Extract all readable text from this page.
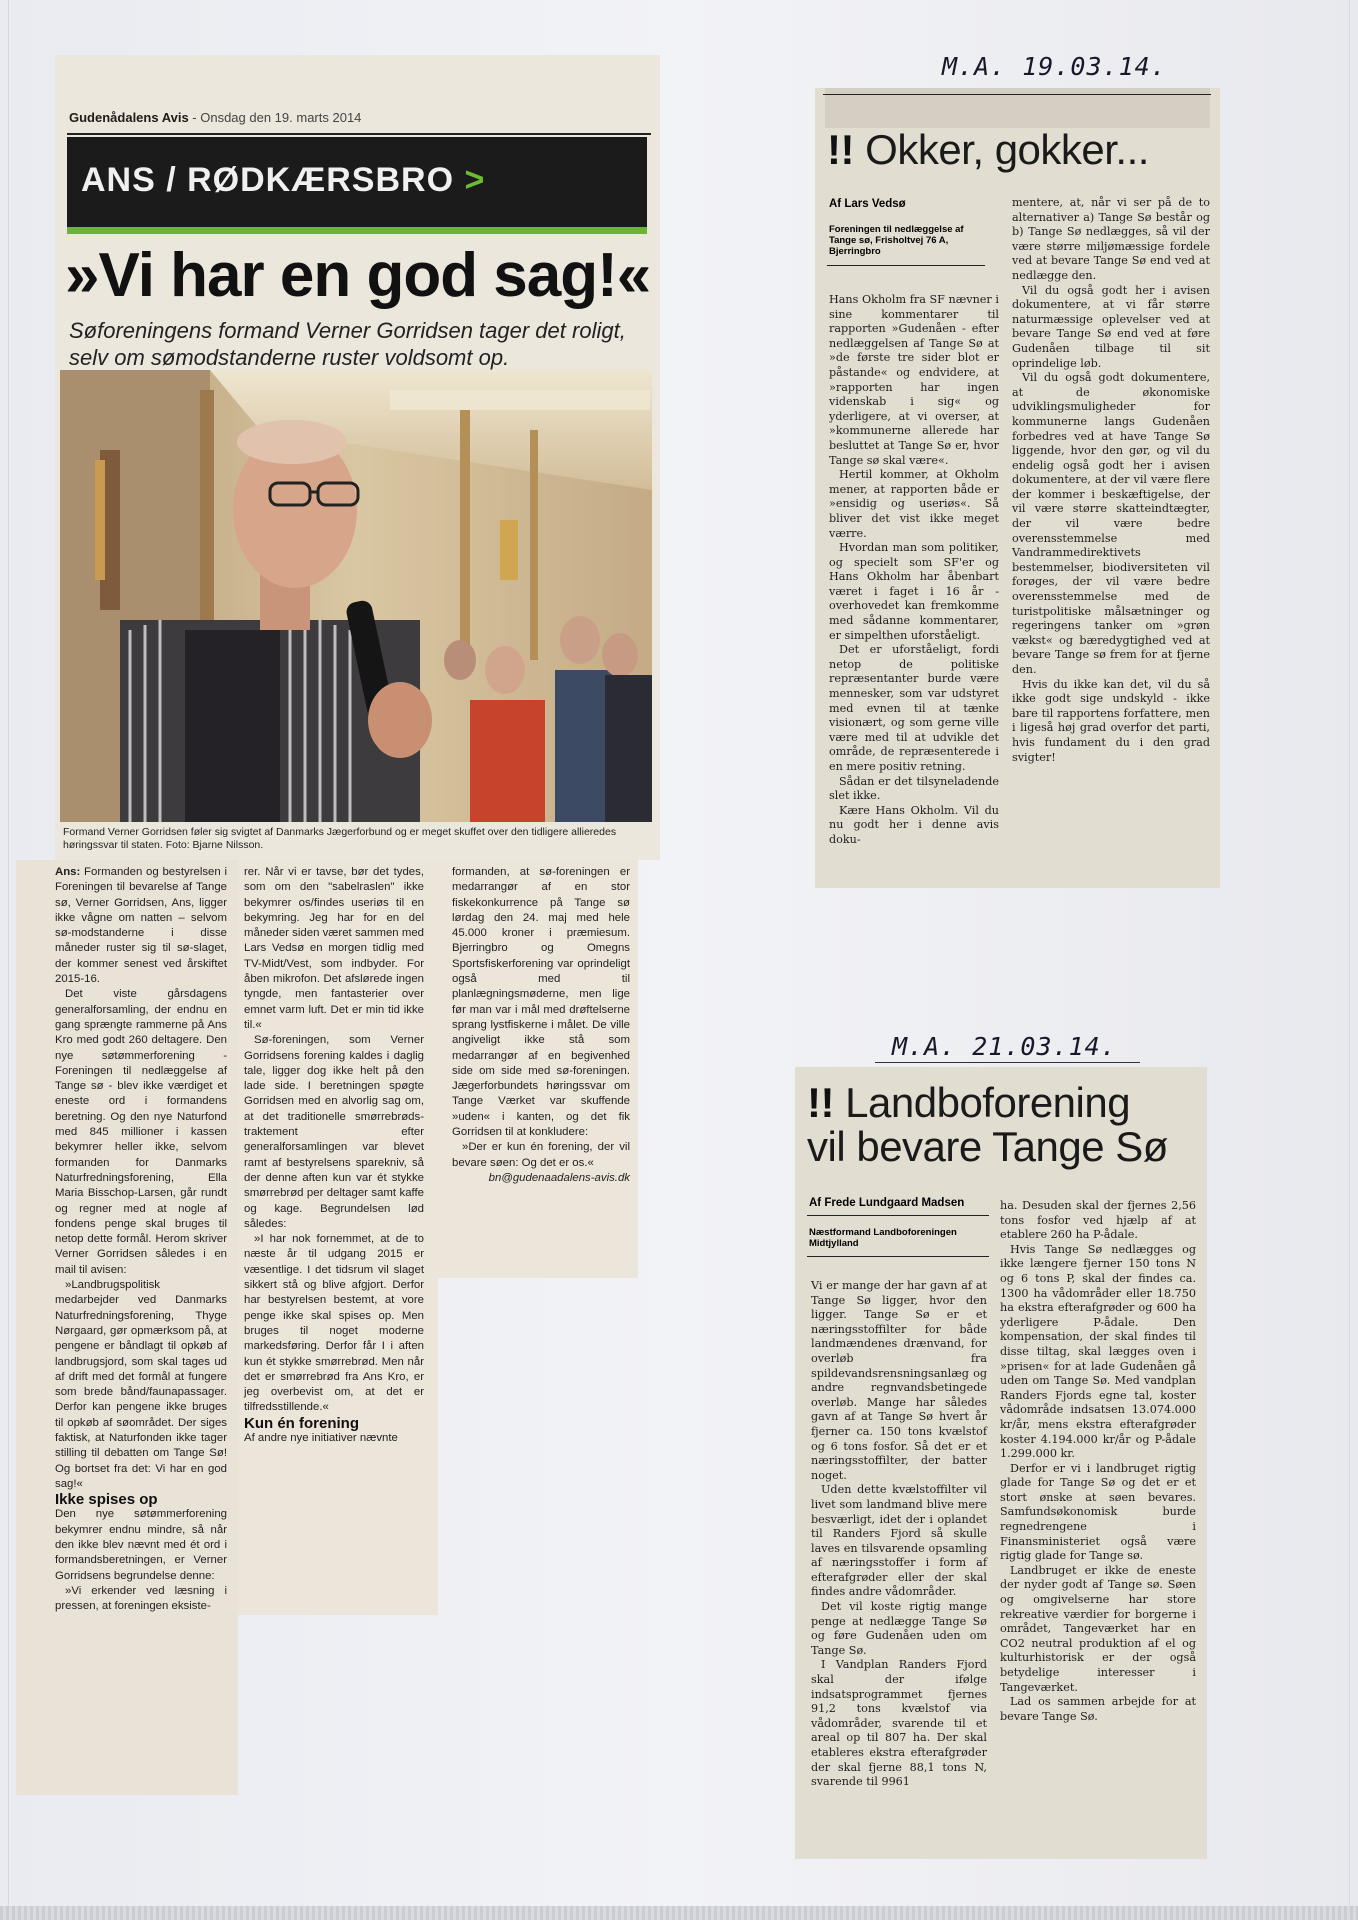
Gudenådalens Avis - Onsdag den 19. marts 2014
ANS / RØDKÆRSBRO >
»Vi har en god sag!«
Søforeningens formand Verner Gorridsen tager det roligt, selv om sømodstanderne ruster voldsomt op.
Formand Verner Gorridsen føler sig svigtet af Danmarks Jægerforbund og er meget skuffet over den tidligere allieredes høringssvar til staten. Foto: Bjarne Nilsson.

Ans: Formanden og bestyrelsen i Foreningen til bevarelse af Tange sø, Verner Gorridsen, Ans, ligger ikke vågne om natten – selvom sø-modstanderne i disse måneder ruster sig til sø-slaget, der kommer senest ved årskiftet 2015-16.

Det viste gårsdagens generalforsamling, der endnu en gang sprængte rammerne på Ans Kro med godt 260 deltagere. Den nye søtømmerforening - Foreningen til nedlæggelse af Tange sø - blev ikke værdiget et eneste ord i formandens beretning. Og den nye Naturfond med 845 millioner i kassen bekymrer heller ikke, selvom formanden for Danmarks Naturfredningsforening, Ella Maria Bisschop-Larsen, går rundt og regner med at nogle af fondens penge skal bruges til netop dette formål. Herom skriver Verner Gorridsen således i en mail til avisen:

»Landbrugspolitisk medarbejder ved Danmarks Naturfredningsforening, Thyge Nørgaard, gør opmærksom på, at pengene er båndlagt til opkøb af landbrugsjord, som skal tages ud af drift med det formål at fungere som brede bånd/faunapassager. Derfor kan pengene ikke bruges til opkøb af søområdet. Der siges faktisk, at Naturfonden ikke tager stilling til debatten om Tange Sø! Og bortset fra det: Vi har en god sag!«

Ikke spises op

Den nye søtømmerforening bekymrer endnu mindre, så når den ikke blev nævnt med ét ord i formandsberetningen, er Verner Gorridsens begrundelse denne:

»Vi erkender ved læsning i pressen, at foreningen eksiste-

rer. Når vi er tavse, bør det tydes, som om den "sabelraslen" ikke bekymrer os/findes useriøs til en bekymring. Jeg har for en del måneder siden været sammen med Lars Vedsø en morgen tidlig med TV-Midt/Vest, som indbyder. For åben mikrofon. Det afslørede ingen tyngde, men fantasterier over emnet varm luft. Det er min tid ikke til.«

Sø-foreningen, som Verner Gorridsens forening kaldes i daglig tale, ligger dog ikke helt på den lade side. I beretningen spøgte Gorridsen med en alvorlig sag om, at det traditionelle smørrebrøds-traktement efter generalforsamlingen var blevet ramt af bestyrelsens sparekniv, så der denne aften kun var ét stykke smørrebrød per deltager samt kaffe og kage. Begrundelsen lød således:

»I har nok fornemmet, at de to næste år til udgang 2015 er væsentlige. I det tidsrum vil slaget sikkert stå og blive afgjort. Derfor har bestyrelsen bestemt, at vore penge ikke skal spises op. Men bruges til noget moderne markedsføring. Derfor får I i aften kun ét stykke smørrebrød. Men når det er smørrebrød fra Ans Kro, er jeg overbevist om, at det er tilfredsstillende.«

Kun én forening

Af andre nye initiativer nævnte

formanden, at sø-foreningen er medarrangør af en stor fiskekonkurrence på Tange sø lørdag den 24. maj med hele 45.000 kroner i præmiesum. Bjerringbro og Omegns Sportsfiskerforening var oprindeligt også med til planlægningsmøderne, men lige før man var i mål med drøftelserne sprang lystfiskerne i målet. De ville angiveligt ikke stå som medarrangør af en begivenhed side om side med sø-foreningen. Jægerforbundets høringssvar om Tange Værket var skuffende »uden« i kanten, og det fik Gorridsen til at konkludere:

»Der er kun én forening, der vil bevare søen: Og det er os.«

bn@gudenaadalens-avis.dk

M.A. 19.03.14.
M.A. 21.03.14.
!! Okker, gokker...
Af Lars Vedsø
Foreningen til nedlæggelse af Tange sø, Frisholtvej 76 A, Bjerringbro

Hans Okholm fra SF nævner i sine kommentarer til rapporten »Gudenåen - efter nedlæggelsen af Tange Sø at »de første tre sider blot er påstande« og endvidere, at »rapporten har ingen videnskab i sig« og yderligere, at vi overser, at »kommunerne allerede har besluttet at Tange Sø er, hvor Tange sø skal være«.

Hertil kommer, at Okholm mener, at rapporten både er »ensidig og useriøs«. Så bliver det vist ikke meget værre.

Hvordan man som politiker, og specielt som SF'er og Hans Okholm har åbenbart været i faget i 16 år - overhovedet kan fremkomme med sådanne kommentarer, er simpelthen uforståeligt.

Det er uforståeligt, fordi netop de politiske repræsentanter burde være mennesker, som var udstyret med evnen til at tænke visionært, og som gerne ville være med til at udvikle det område, de repræsenterede i en mere positiv retning.

Sådan er det tilsyneladende slet ikke.

Kære Hans Okholm. Vil du nu godt her i denne avis doku-

mentere, at, når vi ser på de to alternativer a) Tange Sø består og b) Tange Sø nedlægges, så vil der være større miljømæssige fordele ved at bevare Tange Sø end ved at nedlægge den.

Vil du også godt her i avisen dokumentere, at vi får større naturmæssige oplevelser ved at bevare Tange Sø end ved at føre Gudenåen tilbage til sit oprindelige løb.

Vil du også godt dokumentere, at de økonomiske udviklingsmuligheder for kommunerne langs Gudenåen forbedres ved at have Tange Sø liggende, hvor den gør, og vil du endelig også godt her i avisen dokumentere, at der vil være flere der kommer i beskæftigelse, der vil være større skatteindtægter, der vil være bedre overensstemmelse med Vandrammedirektivets bestemmelser, biodiversiteten vil forøges, der vil være bedre overensstemmelse med de turistpolitiske målsætninger og regeringens tanker om »grøn vækst« og bæredygtighed ved at bevare Tange sø frem for at fjerne den.

Hvis du ikke kan det, vil du så ikke godt sige undskyld - ikke bare til rapportens forfattere, men i ligeså høj grad overfor det parti, hvis fundament du i den grad svigter!

!! Landboforening
vil bevare Tange Sø
Af Frede Lundgaard Madsen
Næstformand Landboforeningen Midtjylland

Vi er mange der har gavn af at Tange Sø ligger, hvor den ligger. Tange Sø er et næringsstoffilter for både landmændenes drænvand, for overløb fra spildevandsrensningsanlæg og andre regnvandsbetingede overløb. Mange har således gavn af at Tange Sø hvert år fjerner ca. 150 tons kvælstof og 6 tons fosfor. Så det er et næringsstoffilter, der batter noget.

Uden dette kvælstoffilter vil livet som landmand blive mere besværligt, idet der i oplandet til Randers Fjord så skulle laves en tilsvarende opsamling af næringsstoffer i form af efterafgrøder eller der skal findes andre vådområder.

Det vil koste rigtig mange penge at nedlægge Tange Sø og føre Gudenåen uden om Tange Sø.

I Vandplan Randers Fjord skal der ifølge indsatsprogrammet fjernes 91,2 tons kvælstof via vådområder, svarende til et areal op til 807 ha. Der skal etableres ekstra efterafgrøder der skal fjerne 88,1 tons N, svarende til 9961

ha. Desuden skal der fjernes 2,56 tons fosfor ved hjælp af at etablere 260 ha P-ådale.

Hvis Tange Sø nedlægges og ikke længere fjerner 150 tons N og 6 tons P, skal der findes ca. 1300 ha vådområder eller 18.750 ha ekstra efterafgrøder og 600 ha yderligere P-ådale. Den kompensation, der skal findes til disse tiltag, skal lægges oven i »prisen« for at lade Gudenåen gå uden om Tange Sø. Med vandplan Randers Fjords egne tal, koster vådområde indsatsen 13.074.000 kr/år, mens ekstra efterafgrøder koster 4.194.000 kr/år og P-ådale 1.299.000 kr.

Derfor er vi i landbruget rigtig glade for Tange Sø og det er et stort ønske at søen bevares. Samfundsøkonomisk burde regnedrengene i Finansministeriet også være rigtig glade for Tange sø.

Landbruget er ikke de eneste der nyder godt af Tange sø. Søen og omgivelserne har store rekreative værdier for borgerne i området, Tangeværket har en CO2 neutral produktion af el og kulturhistorisk er der også betydelige interesser i Tangeværket.

Lad os sammen arbejde for at bevare Tange Sø.
